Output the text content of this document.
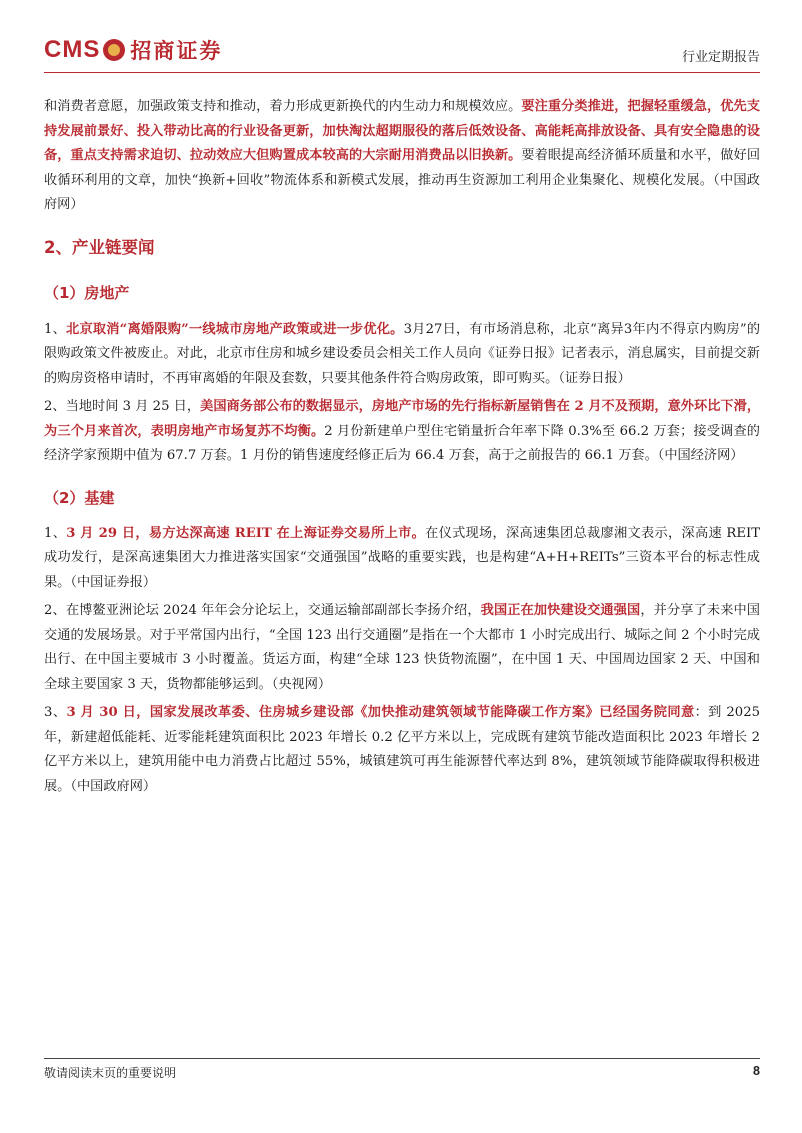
CMS 招商证券	行业定期报告

和消费者意愿，加强政策支持和推动，着力形成更新换代的内生动力和规模效应。要注重分类推进，把握轻重缓急，优先支持发展前景好、投入带动比高的行业设备更新，加快淘汰超期服役的落后低效设备、高能耗高排放设备、具有安全隐患的设备，重点支持需求迫切、拉动效应大但购置成本较高的大宗耐用消费品以旧换新。要着眼提高经济循环质量和水平，做好回收循环利用的文章，加快“换新+回收”物流体系和新模式发展，推动再生资源加工利用企业集聚化、规模化发展。（中国政府网）

2、产业链要闻

（1）房地产

1、北京取消“离婚限购”一线城市房地产政策或进一步优化。3月27日，有市场消息称，北京“离异3年内不得京内购房”的限购政策文件被废止。对此，北京市住房和城乡建设委员会相关工作人员向《证券日报》记者表示，消息属实，目前提交新的购房资格申请时，不再审离婚的年限及套数，只要其他条件符合购房政策，即可购买。（证券日报）

2、当地时间 3 月 25 日，美国商务部公布的数据显示，房地产市场的先行指标新屋销售在 2 月不及预期，意外环比下滑，为三个月来首次，表明房地产市场复苏不均衡。2 月份新建单户型住宅销量折合年率下降 0.3%至 66.2 万套；接受调查的经济学家预期中值为 67.7 万套。1 月份的销售速度经修正后为 66.4 万套，高于之前报告的 66.1 万套。（中国经济网）

（2）基建

1、3 月 29 日，易方达深高速 REIT 在上海证券交易所上市。在仪式现场，深高速集团总裁廖湘文表示，深高速 REIT 成功发行，是深高速集团大力推进落实国家“交通强国”战略的重要实践，也是构建“A+H+REITs”三资本平台的标志性成果。（中国证券报）

2、在博鳌亚洲论坛 2024 年年会分论坛上，交通运输部副部长李扬介绍，我国正在加快建设交通强国，并分享了未来中国交通的发展场景。对于平常国内出行，“全国 123 出行交通圈”是指在一个大都市 1 小时完成出行、城际之间 2 个小时完成出行、在中国主要城市 3 小时覆盖。货运方面，构建“全球 123 快货物流圈”，在中国 1 天、中国周边国家 2 天、中国和全球主要国家 3 天，货物都能够运到。（央视网）

3、3 月 30 日，国家发展改革委、住房城乡建设部《加快推动建筑领域节能降碳工作方案》已经国务院同意：到 2025 年，新建超低能耗、近零能耗建筑面积比 2023 年增长 0.2 亿平方米以上，完成既有建筑节能改造面积比 2023 年增长 2 亿平方米以上，建筑用能中电力消费占比超过 55%，城镇建筑可再生能源替代率达到 8%，建筑领域节能降碳取得积极进展。（中国政府网）

敬请阅读末页的重要说明	8
